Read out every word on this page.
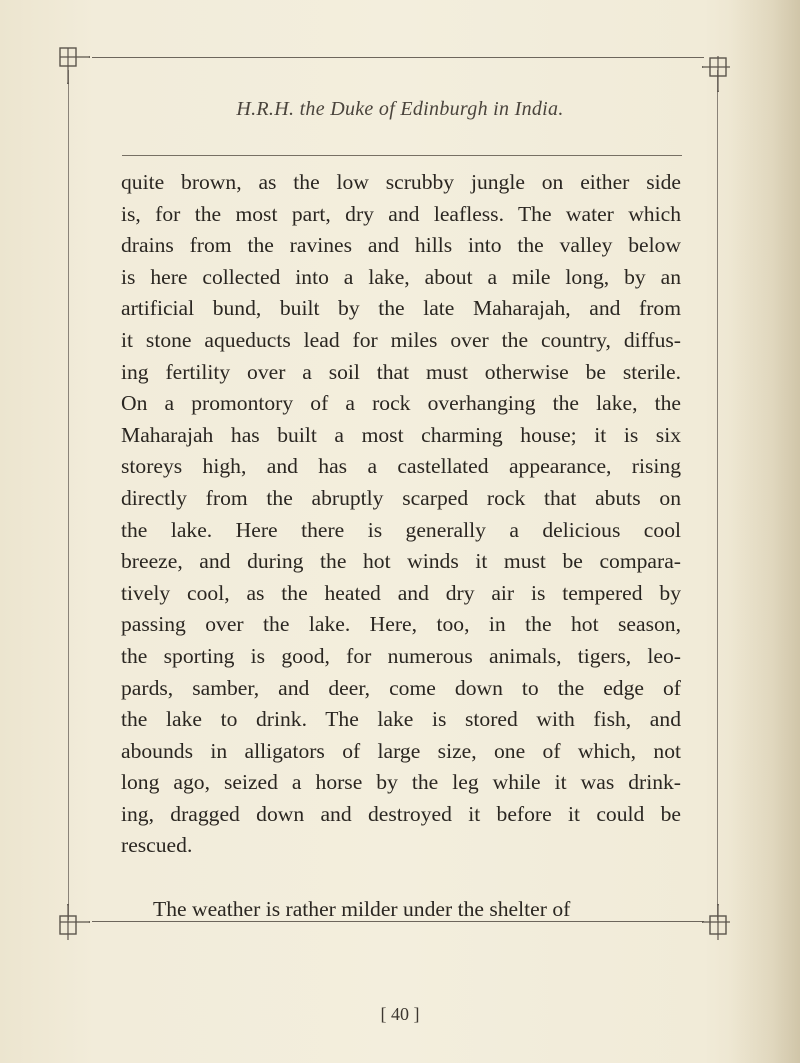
H.R.H. the Duke of Edinburgh in India.
quite brown, as the low scrubby jungle on either side
is, for the most part, dry and leafless. The water which
drains from the ravines and hills into the valley below
is here collected into a lake, about a mile long, by an
artificial bund, built by the late Maharajah, and from
it stone aqueducts lead for miles over the country, diffus-
ing fertility over a soil that must otherwise be sterile.
On a promontory of a rock overhanging the lake, the
Maharajah has built a most charming house; it is six
storeys high, and has a castellated appearance, rising
directly from the abruptly scarped rock that abuts on
the lake. Here there is generally a delicious cool
breeze, and during the hot winds it must be compara-
tively cool, as the heated and dry air is tempered by
passing over the lake. Here, too, in the hot season,
the sporting is good, for numerous animals, tigers, leo-
pards, samber, and deer, come down to the edge of
the lake to drink. The lake is stored with fish, and
abounds in alligators of large size, one of which, not
long ago, seized a horse by the leg while it was drink-
ing, dragged down and destroyed it before it could be
rescued.
The weather is rather milder under the shelter of
[ 40 ]
